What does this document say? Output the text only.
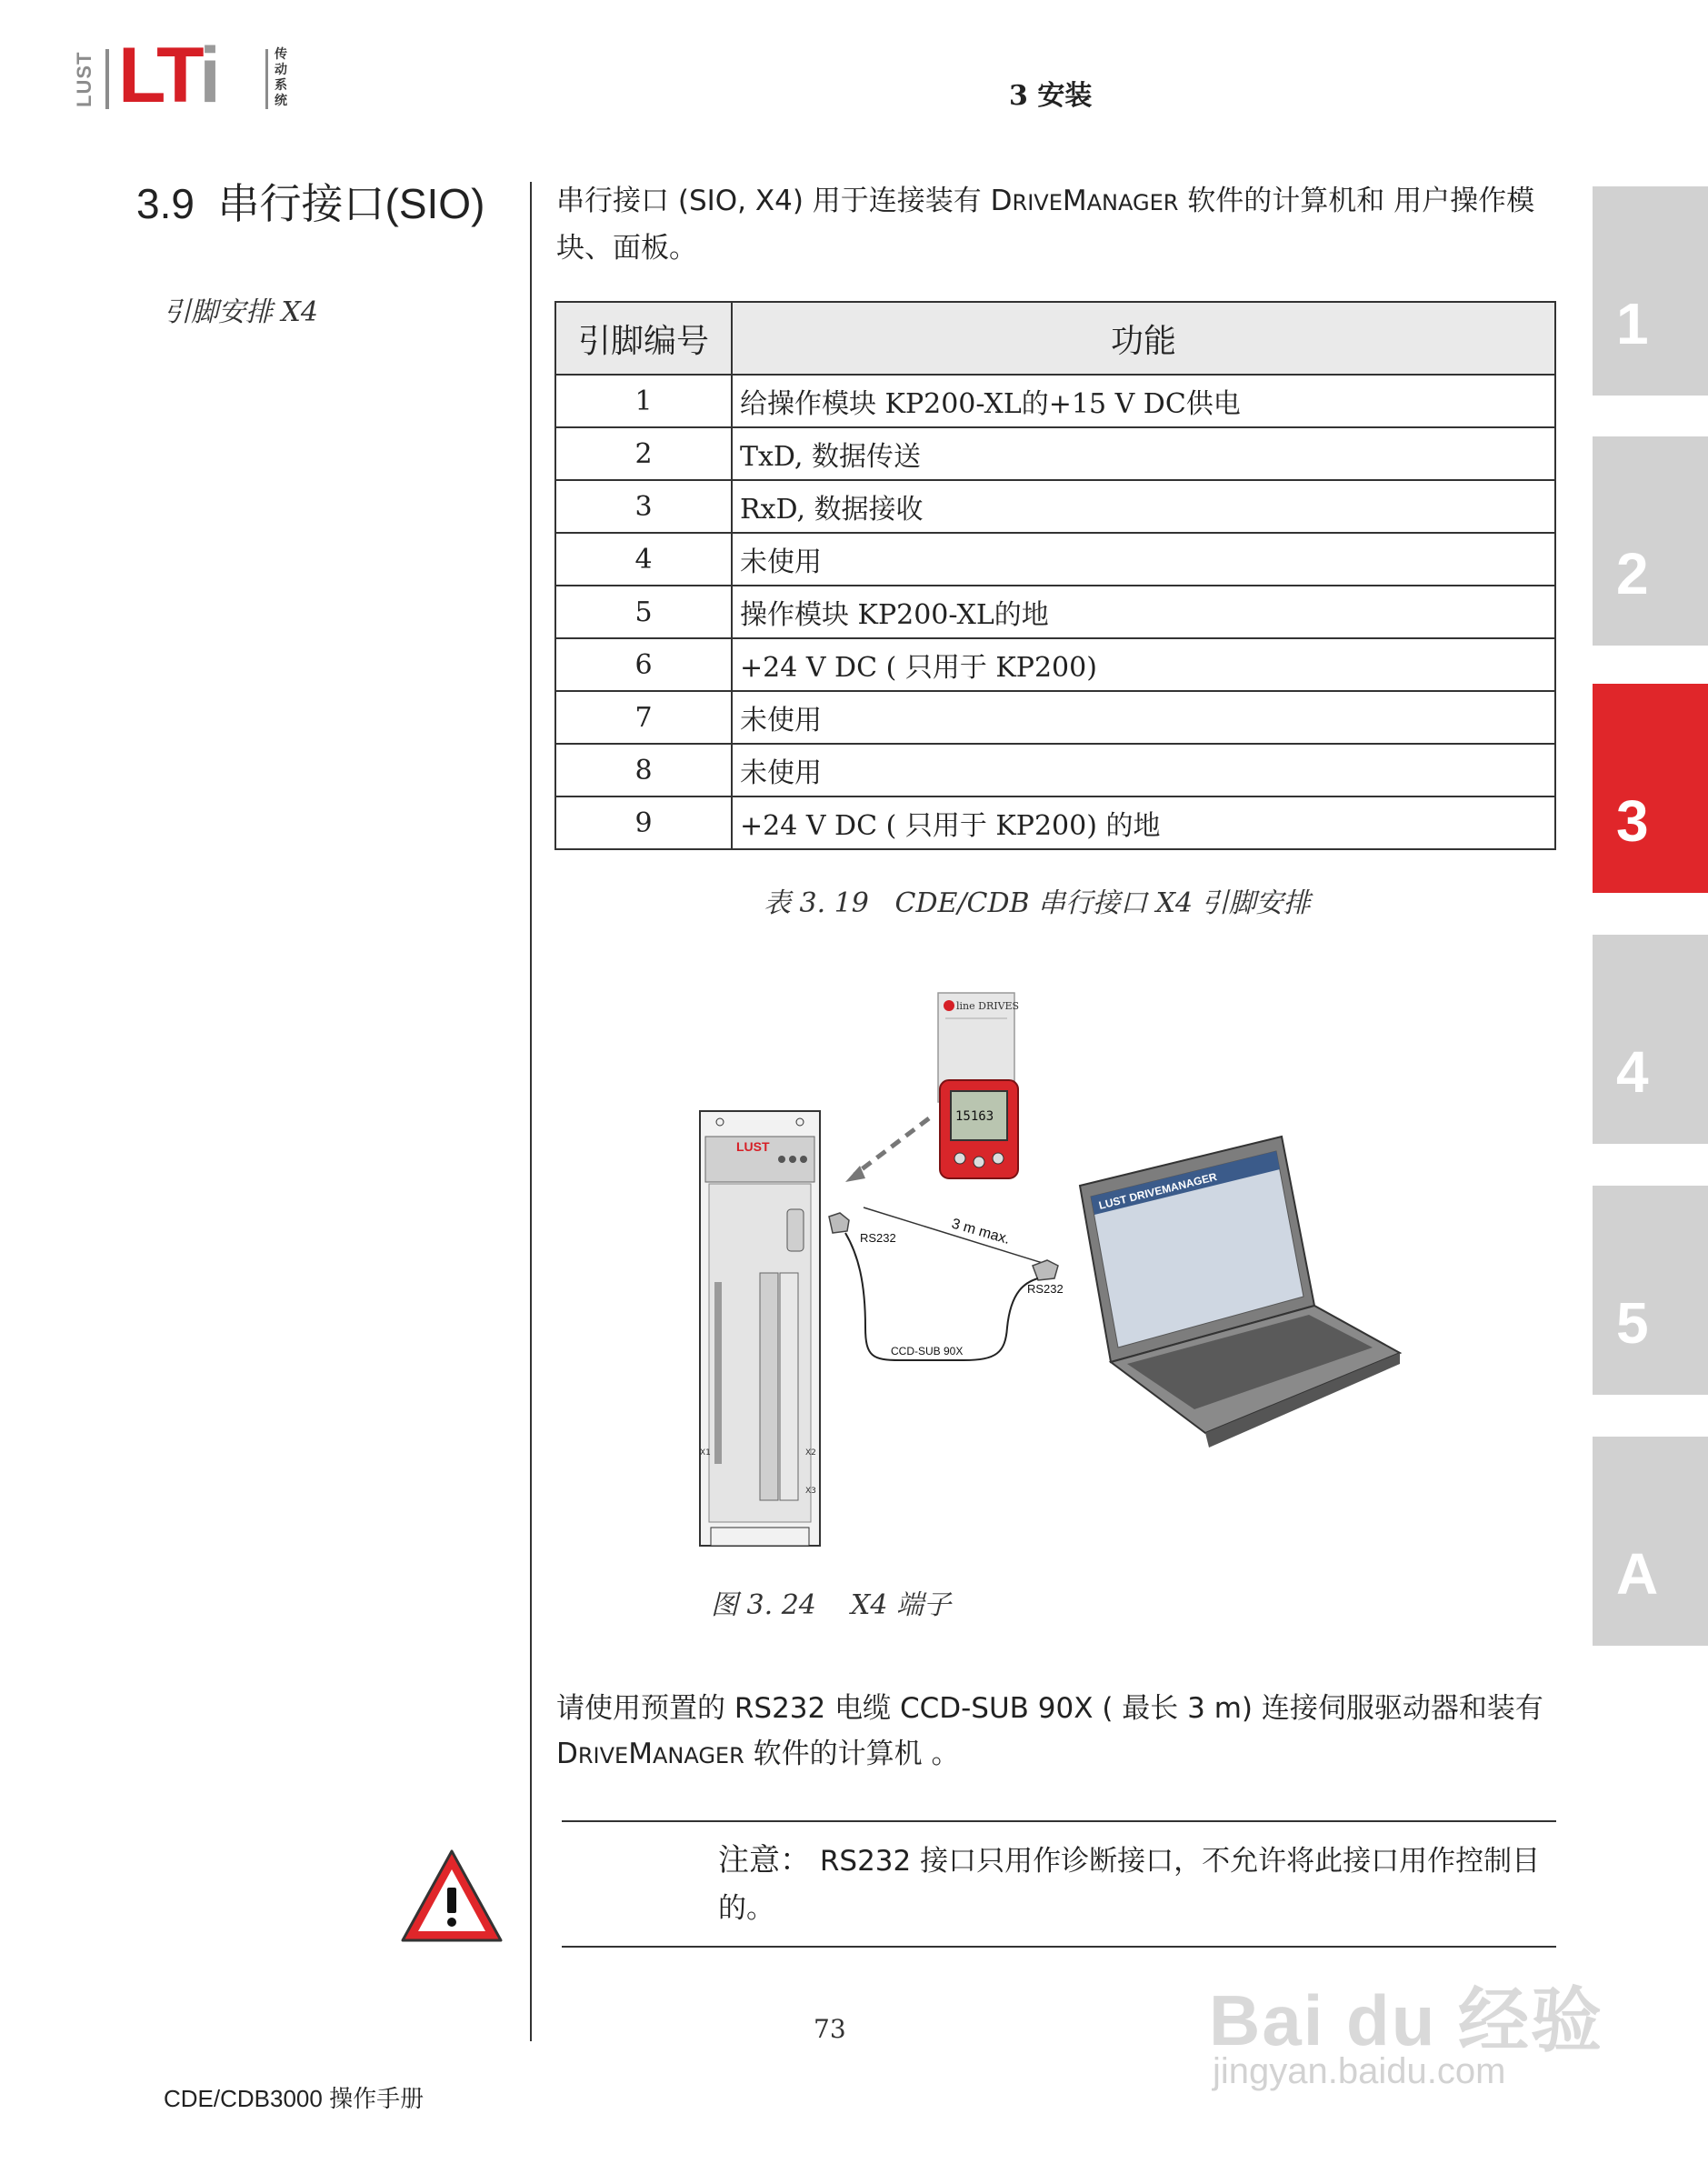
LUST LTi	传动系统	3 安装
3.9 串行接口(SIO)
引脚安排 X4
串行接口 (SIO, X4) 用于连接装有 DRIVEMANAGER 软件的计算机和 用户操作模块、面板。
引脚编号	功能
1	给操作模块 KP200-XL的+15 V DC供电
2	TxD, 数据传送
3	RxD, 数据接收
4	未使用
5	操作模块 KP200-XL的地
6	+24 V DC ( 只用于 KP200)
7	未使用
8	未使用
9	+24 V DC ( 只用于 KP200) 的地
表 3. 19 CDE/CDB 串行接口 X4 引脚安排
line DRIVES
15163
LUST
X1	X2
X3
RS232	3 m max.
RS232
CCD-SUB 90X
LUST DRIVEMANAGER
图 3. 24 X4 端子
请使用预置的 RS232 电缆 CCD-SUB 90X ( 最长 3 m) 连接伺服驱动器和装有 DRIVEMANAGER 软件的计算机 。
注意： RS232 接口只用作诊断接口，不允许将此接口用作控制目的。
1
2
3
4
5
A
73
CDE/CDB3000 操作手册
Bai du 经验
jingyan.baidu.com
